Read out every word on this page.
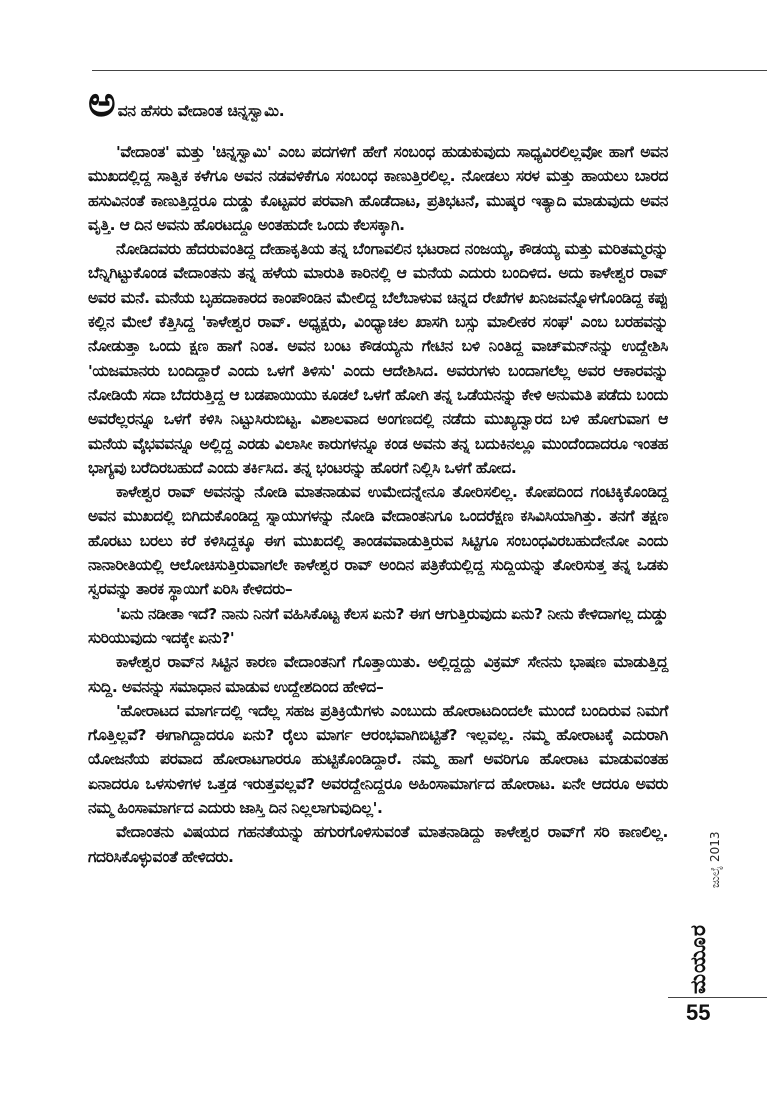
ಅ ವನ ಹೆಸರು ವೇದಾಂತ ಚಿನ್ನಸ್ವಾಮಿ.

'ವೇದಾಂತ' ಮತ್ತು 'ಚಿನ್ನಸ್ವಾಮಿ' ಎಂಬ ಪದಗಳಿಗೆ ಹೇಗೆ ಸಂಬಂಧ ಹುಡುಕುವುದು ಸಾಧ್ಯವಿರಲಿಲ್ಲವೋ ಹಾಗೆ ಅವನ ಮುಖದಲ್ಲಿದ್ದ ಸಾತ್ವಿಕ ಕಳೆಗೂ ಅವನ ನಡವಳಿಕೆಗೂ ಸಂಬಂಧ ಕಾಣುತ್ತಿರಲಿಲ್ಲ. ನೋಡಲು ಸರಳ ಮತ್ತು ಹಾಯಲು ಬಾರದ ಹಸುವಿನಂತೆ ಕಾಣುತ್ತಿದ್ದರೂ ದುಡ್ಡು ಕೊಟ್ಟವರ ಪರವಾಗಿ ಹೊಡೆದಾಟ, ಪ್ರತಿಭಟನೆ, ಮುಷ್ಕರ ಇತ್ಯಾದಿ ಮಾಡುವುದು ಅವನ ವೃತ್ತಿ. ಆ ದಿನ ಅವನು ಹೊರಟದ್ದೂ ಅಂತಹುದೇ ಒಂದು ಕೆಲಸಕ್ಕಾಗಿ.

ನೋಡಿದವರು ಹೆದರುವಂತಿದ್ದ ದೇಹಾಕೃತಿಯ ತನ್ನ ಬೆಂಗಾವಲಿನ ಭಟರಾದ ನಂಜಯ್ಯ, ಕೌಡಯ್ಯ ಮತ್ತು ಮರಿತಮ್ಮರನ್ನು ಬೆನ್ನಿಗಿಟ್ಟುಕೊಂಡ ವೇದಾಂತನು ತನ್ನ ಹಳೆಯ ಮಾರುತಿ ಕಾರಿನಲ್ಲಿ ಆ ಮನೆಯ ಎದುರು ಬಂದಿಳಿದ. ಅದು ಕಾಳೇಶ್ವರ ರಾವ್ ಅವರ ಮನೆ. ಮನೆಯ ಬೃಹದಾಕಾರದ ಕಾಂಪೌಂಡಿನ ಮೇಲಿದ್ದ ಬೆಲೆಬಾಳುವ ಚಿನ್ನದ ರೇಖೆಗಳ ಖನಿಜವನ್ನೊಳಗೊಂಡಿದ್ದ ಕಪ್ಪು ಕಲ್ಲಿನ ಮೇಲೆ ಕೆತ್ತಿಸಿದ್ದ 'ಕಾಳೇಶ್ವರ ರಾವ್. ಅಧ್ಯಕ್ಷರು, ವಿಂಧ್ಯಾಚಲ ಖಾಸಗಿ ಬಸ್ಸು ಮಾಲೀಕರ ಸಂಘ' ಎಂಬ ಬರಹವನ್ನು ನೋಡುತ್ತಾ ಒಂದು ಕ್ಷಣ ಹಾಗೆ ನಿಂತ. ಅವನ ಬಂಟ ಕೌಡಯ್ಯನು ಗೇಟಿನ ಬಳಿ ನಿಂತಿದ್ದ ವಾಚ್‌ಮನ್‌ನನ್ನು ಉದ್ದೇಶಿಸಿ 'ಯಜಮಾನರು ಬಂದಿದ್ದಾರೆ ಎಂದು ಒಳಗೆ ತಿಳಿಸು' ಎಂದು ಆದೇಶಿಸಿದ. ಅವರುಗಳು ಬಂದಾಗಲೆಲ್ಲ ಅವರ ಆಕಾರವನ್ನು ನೋಡಿಯೆ ಸದಾ ಬೆದರುತ್ತಿದ್ದ ಆ ಬಡಪಾಯಿಯು ಕೂಡಲೆ ಒಳಗೆ ಹೋಗಿ ತನ್ನ ಒಡೆಯನನ್ನು ಕೇಳಿ ಅನುಮತಿ ಪಡೆದು ಬಂದು ಅವರೆಲ್ಲರನ್ನೂ ಒಳಗೆ ಕಳಿಸಿ ನಿಟ್ಟುಸಿರುಬಿಟ್ಟ. ವಿಶಾಲವಾದ ಅಂಗಣದಲ್ಲಿ ನಡೆದು ಮುಖ್ಯದ್ವಾರದ ಬಳಿ ಹೋಗುವಾಗ ಆ ಮನೆಯ ವೈಭವವನ್ನೂ ಅಲ್ಲಿದ್ದ ಎರಡು ವಿಲಾಸೀ ಕಾರುಗಳನ್ನೂ ಕಂಡ ಅವನು ತನ್ನ ಬದುಕಿನಲ್ಲೂ ಮುಂದೆಂದಾದರೂ ಇಂತಹ ಭಾಗ್ಯವು ಬರೆದಿರಬಹುದೆ ಎಂದು ತರ್ಕಿಸಿದ. ತನ್ನ ಭಂಟರನ್ನು ಹೊರಗೆ ನಿಲ್ಲಿಸಿ ಒಳಗೆ ಹೋದ.

ಕಾಳೇಶ್ವರ ರಾವ್ ಅವನನ್ನು ನೋಡಿ ಮಾತನಾಡುವ ಉಮೇದನ್ನೇನೂ ತೋರಿಸಲಿಲ್ಲ. ಕೋಪದಿಂದ ಗಂಟಿಕ್ಕಿಕೊಂಡಿದ್ದ ಅವನ ಮುಖದಲ್ಲಿ ಬಿಗಿದುಕೊಂಡಿದ್ದ ಸ್ನಾಯುಗಳನ್ನು ನೋಡಿ ವೇದಾಂತನಿಗೂ ಒಂದರೆಕ್ಷಣ ಕಸಿವಿಸಿಯಾಗಿತ್ತು. ತನಗೆ ತಕ್ಷಣ ಹೊರಟು ಬರಲು ಕರೆ ಕಳಿಸಿದ್ದಕ್ಕೂ ಈಗ ಮುಖದಲ್ಲಿ ತಾಂಡವವಾಡುತ್ತಿರುವ ಸಿಟ್ಟಿಗೂ ಸಂಬಂಧವಿರಬಹುದೇನೋ ಎಂದು ನಾನಾರೀತಿಯಲ್ಲಿ ಆಲೋಚಿಸುತ್ತಿರುವಾಗಲೇ ಕಾಳೇಶ್ವರ ರಾವ್ ಅಂದಿನ ಪತ್ರಿಕೆಯಲ್ಲಿದ್ದ ಸುದ್ದಿಯನ್ನು ತೋರಿಸುತ್ತ ತನ್ನ ಒಡಕು ಸ್ವರವನ್ನು ತಾರಕ ಸ್ಥಾಯಿಗೆ ಏರಿಸಿ ಕೇಳಿದರು–

'ಏನು ನಡೀತಾ ಇದೆ? ನಾನು ನಿನಗೆ ವಹಿಸಿಕೊಟ್ಟ ಕೆಲಸ ಏನು? ಈಗ ಆಗುತ್ತಿರುವುದು ಏನು? ನೀನು ಕೇಳಿದಾಗಲ್ಲ ದುಡ್ಡು ಸುರಿಯುವುದು ಇದಕ್ಕೇ ಏನು?'

ಕಾಳೇಶ್ವರ ರಾವ್‌ನ ಸಿಟ್ಟಿನ ಕಾರಣ ವೇದಾಂತನಿಗೆ ಗೊತ್ತಾಯಿತು. ಅಲ್ಲಿದ್ದದ್ದು ವಿಕ್ರಮ್ ಸೇನನು ಭಾಷಣ ಮಾಡುತ್ತಿದ್ದ ಸುದ್ದಿ. ಅವನನ್ನು ಸಮಾಧಾನ ಮಾಡುವ ಉದ್ದೇಶದಿಂದ ಹೇಳಿದ–

'ಹೋರಾಟದ ಮಾರ್ಗದಲ್ಲಿ ಇದೆಲ್ಲ ಸಹಜ ಪ್ರತಿಕ್ರಿಯೆಗಳು ಎಂಬುದು ಹೋರಾಟದಿಂದಲೇ ಮುಂದೆ ಬಂದಿರುವ ನಿಮಗೆ ಗೊತ್ತಿಲ್ಲವೆ? ಈಗಾಗಿದ್ದಾದರೂ ಏನು? ರೈಲು ಮಾರ್ಗ ಆರಂಭವಾಗಿಬಿಟ್ಟಿತೆ? ಇಲ್ಲವಲ್ಲ. ನಮ್ಮ ಹೋರಾಟಕ್ಕೆ ಎದುರಾಗಿ ಯೋಜನೆಯ ಪರವಾದ ಹೋರಾಟಗಾರರೂ ಹುಟ್ಟಿಕೊಂಡಿದ್ದಾರೆ. ನಮ್ಮ ಹಾಗೆ ಅವರಿಗೂ ಹೋರಾಟ ಮಾಡುವಂತಹ ಏನಾದರೂ ಒಳಸುಳಿಗಳ ಒತ್ತಡ ಇರುತ್ತವಲ್ಲವೆ? ಅವರದ್ದೇನಿದ್ದರೂ ಅಹಿಂಸಾಮಾರ್ಗದ ಹೋರಾಟ. ಏನೇ ಆದರೂ ಅವರು ನಮ್ಮ ಹಿಂಸಾಮಾರ್ಗದ ಎದುರು ಜಾಸ್ತಿ ದಿನ ನಿಲ್ಲಲಾಗುವುದಿಲ್ಲ'.

ವೇದಾಂತನು ವಿಷಯದ ಗಹನತೆಯನ್ನು ಹಗುರಗೊಳಿಸುವಂತೆ ಮಾತನಾಡಿದ್ದು ಕಾಳೇಶ್ವರ ರಾವ್‌ಗೆ ಸರಿ ಕಾಣಲಿಲ್ಲ. ಗದರಿಸಿಕೊಳ್ಳುವಂತೆ ಹೇಳಿದರು.

ಮಯೂರ
ಜುಲೈ 2013
55
